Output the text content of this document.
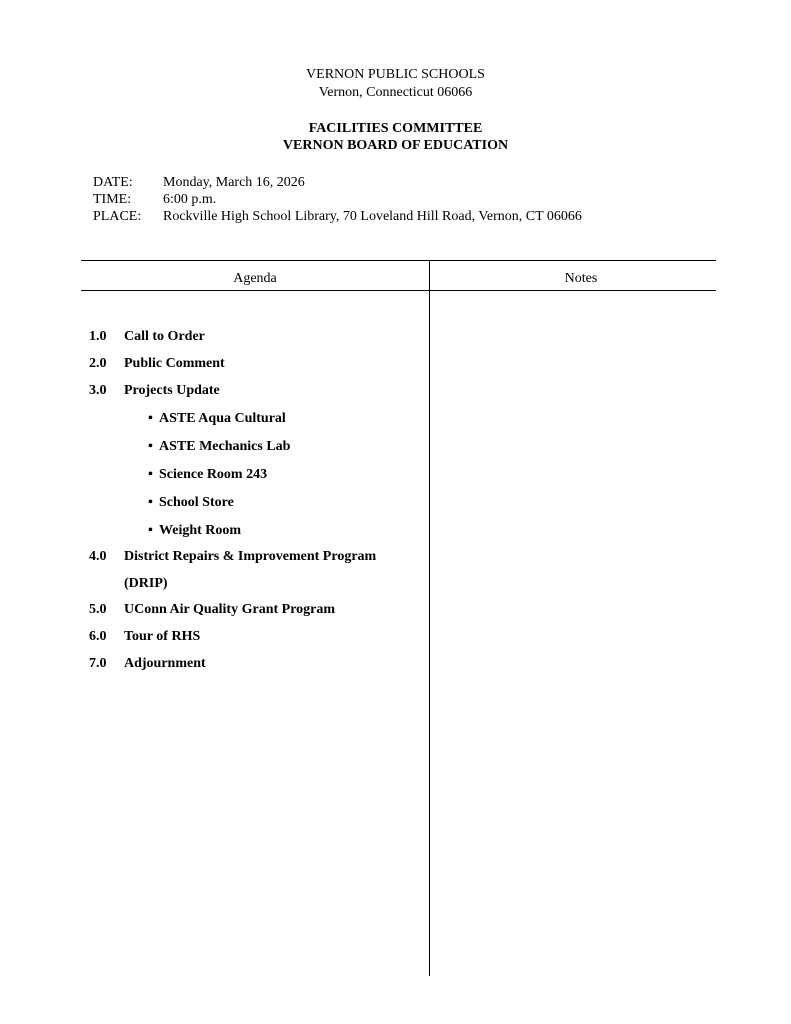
VERNON PUBLIC SCHOOLS
Vernon, Connecticut 06066
FACILITIES COMMITTEE
VERNON BOARD OF EDUCATION
DATE: Monday, March 16, 2026
TIME: 6:00 p.m.
PLACE: Rockville High School Library, 70 Loveland Hill Road, Vernon, CT 06066
Agenda	Notes
1.0 Call to Order
2.0 Public Comment
3.0 Projects Update
• ASTE Aqua Cultural
• ASTE Mechanics Lab
• Science Room 243
• School Store
• Weight Room
4.0 District Repairs & Improvement Program
(DRIP)
5.0 UConn Air Quality Grant Program
6.0 Tour of RHS
7.0 Adjournment
